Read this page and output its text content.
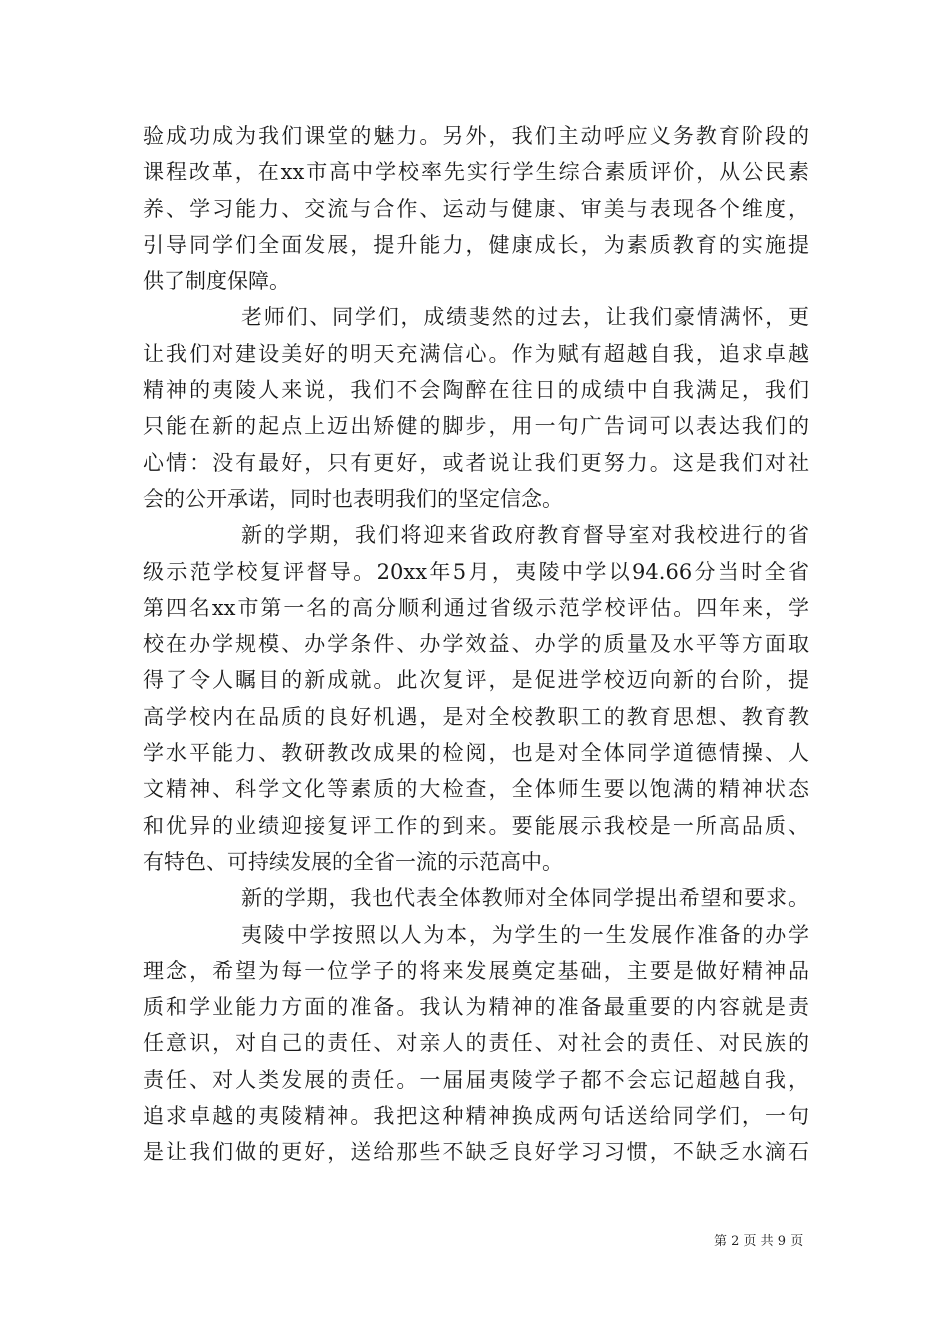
验成功成为我们课堂的魅力。另外，我们主动呼应义务教育阶段的
课程改革，在xx市高中学校率先实行学生综合素质评价，从公民素
养、学习能力、交流与合作、运动与健康、审美与表现各个维度，
引导同学们全面发展，提升能力，健康成长，为素质教育的实施提
供了制度保障。
老师们、同学们，成绩斐然的过去，让我们豪情满怀，更
让我们对建设美好的明天充满信心。作为赋有超越自我，追求卓越
精神的夷陵人来说，我们不会陶醉在往日的成绩中自我满足，我们
只能在新的起点上迈出矫健的脚步，用一句广告词可以表达我们的
心情：没有最好，只有更好，或者说让我们更努力。这是我们对社
会的公开承诺，同时也表明我们的坚定信念。
新的学期，我们将迎来省政府教育督导室对我校进行的省
级示范学校复评督导。20xx年5月，夷陵中学以94.66分当时全省
第四名xx市第一名的高分顺利通过省级示范学校评估。四年来，学
校在办学规模、办学条件、办学效益、办学的质量及水平等方面取
得了令人瞩目的新成就。此次复评，是促进学校迈向新的台阶，提
高学校内在品质的良好机遇，是对全校教职工的教育思想、教育教
学水平能力、教研教改成果的检阅，也是对全体同学道德情操、人
文精神、科学文化等素质的大检查，全体师生要以饱满的精神状态
和优异的业绩迎接复评工作的到来。要能展示我校是一所高品质、
有特色、可持续发展的全省一流的示范高中。
新的学期，我也代表全体教师对全体同学提出希望和要求。
夷陵中学按照以人为本，为学生的一生发展作准备的办学
理念，希望为每一位学子的将来发展奠定基础，主要是做好精神品
质和学业能力方面的准备。我认为精神的准备最重要的内容就是责
任意识，对自己的责任、对亲人的责任、对社会的责任、对民族的
责任、对人类发展的责任。一届届夷陵学子都不会忘记超越自我，
追求卓越的夷陵精神。我把这种精神换成两句话送给同学们，一句
是让我们做的更好，送给那些不缺乏良好学习习惯，不缺乏水滴石
第 2 页 共 9 页
